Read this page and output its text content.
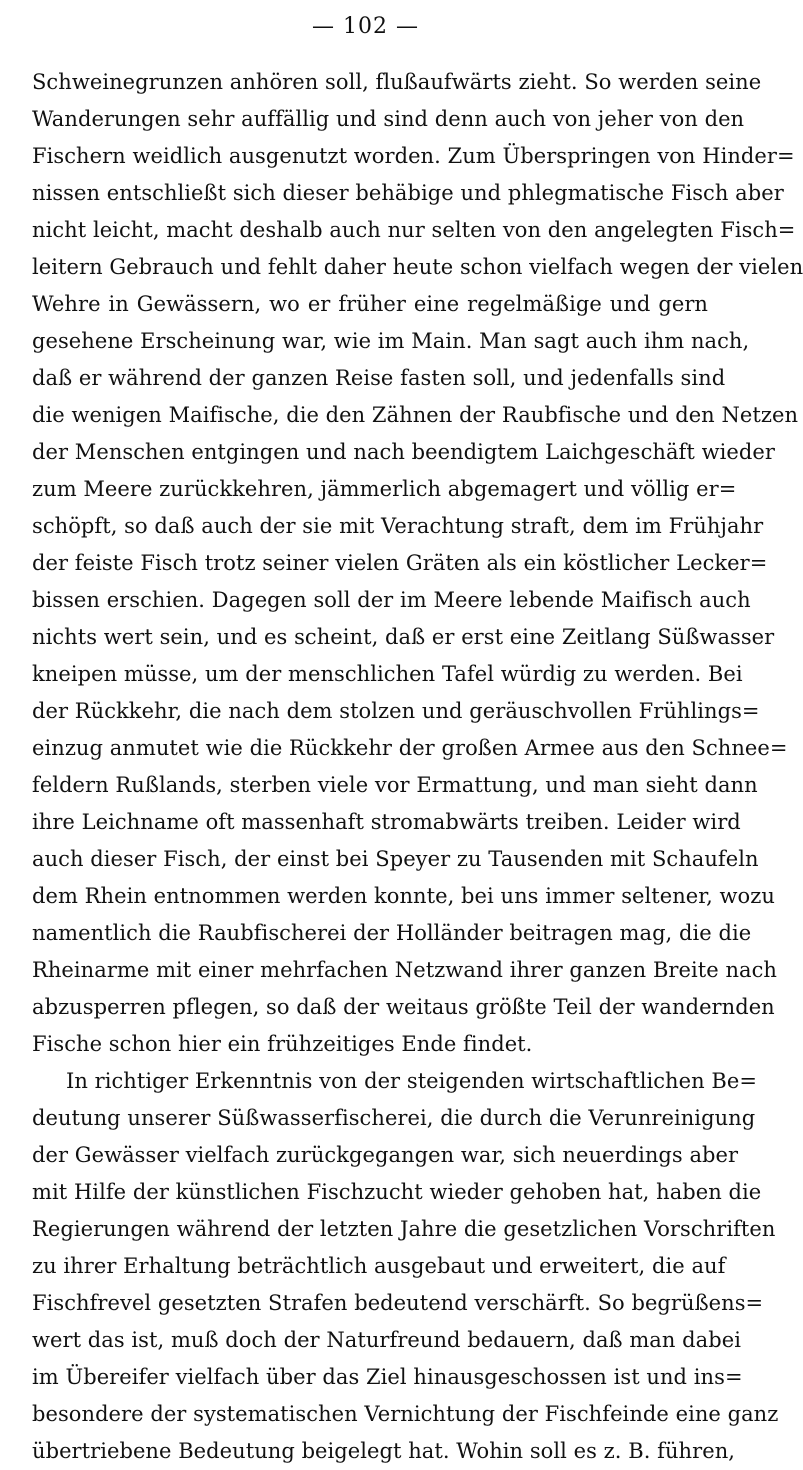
— 102 —
Schweinegrunzen anhören soll, flußaufwärts zieht. So werden seine
Wanderungen sehr auffällig und sind denn auch von jeher von den
Fischern weidlich ausgenutzt worden. Zum Überspringen von Hinder=
nissen entschließt sich dieser behäbige und phlegmatische Fisch aber
nicht leicht, macht deshalb auch nur selten von den angelegten Fisch=
leitern Gebrauch und fehlt daher heute schon vielfach wegen der vielen
Wehre in Gewässern, wo er früher eine regelmäßige und gern
gesehene Erscheinung war, wie im Main. Man sagt auch ihm nach,
daß er während der ganzen Reise fasten soll, und jedenfalls sind
die wenigen Maifische, die den Zähnen der Raubfische und den Netzen
der Menschen entgingen und nach beendigtem Laichgeschäft wieder
zum Meere zurückkehren, jämmerlich abgemagert und völlig er=
schöpft, so daß auch der sie mit Verachtung straft, dem im Frühjahr
der feiste Fisch trotz seiner vielen Gräten als ein köstlicher Lecker=
bissen erschien. Dagegen soll der im Meere lebende Maifisch auch
nichts wert sein, und es scheint, daß er erst eine Zeitlang Süßwasser
kneipen müsse, um der menschlichen Tafel würdig zu werden. Bei
der Rückkehr, die nach dem stolzen und geräuschvollen Frühlings=
einzug anmutet wie die Rückkehr der großen Armee aus den Schnee=
feldern Rußlands, sterben viele vor Ermattung, und man sieht dann
ihre Leichname oft massenhaft stromabwärts treiben. Leider wird
auch dieser Fisch, der einst bei Speyer zu Tausenden mit Schaufeln
dem Rhein entnommen werden konnte, bei uns immer seltener, wozu
namentlich die Raubfischerei der Holländer beitragen mag, die die
Rheinarme mit einer mehrfachen Netzwand ihrer ganzen Breite nach
abzusperren pflegen, so daß der weitaus größte Teil der wandernden
Fische schon hier ein frühzeitiges Ende findet.
In richtiger Erkenntnis von der steigenden wirtschaftlichen Be=
deutung unserer Süßwasserfischerei, die durch die Verunreinigung
der Gewässer vielfach zurückgegangen war, sich neuerdings aber
mit Hilfe der künstlichen Fischzucht wieder gehoben hat, haben die
Regierungen während der letzten Jahre die gesetzlichen Vorschriften
zu ihrer Erhaltung beträchtlich ausgebaut und erweitert, die auf
Fischfrevel gesetzten Strafen bedeutend verschärft. So begrüßens=
wert das ist, muß doch der Naturfreund bedauern, daß man dabei
im Übereifer vielfach über das Ziel hinausgeschossen ist und ins=
besondere der systematischen Vernichtung der Fischfeinde eine ganz
übertriebene Bedeutung beigelegt hat. Wohin soll es z. B. führen,
